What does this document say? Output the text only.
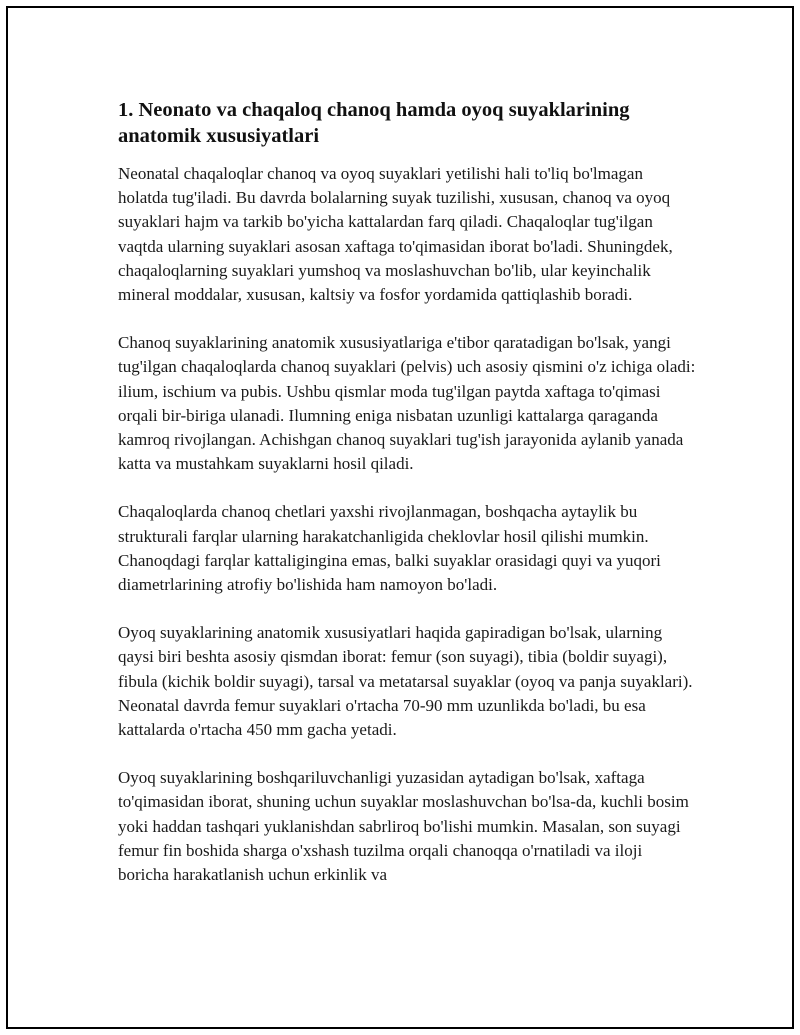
1. Neonato va chaqaloq chanoq hamda oyoq suyaklarining anatomik xususiyatlari

Neonatal chaqaloqlar chanoq va oyoq suyaklari yetilishi hali to'liq bo'lmagan holatda tug'iladi. Bu davrda bolalarning suyak tuzilishi, xususan, chanoq va oyoq suyaklari hajm va tarkib bo'yicha kattalardan farq qiladi. Chaqaloqlar tug'ilgan vaqtda ularning suyaklari asosan xaftaga to'qimasidan iborat bo'ladi. Shuningdek, chaqaloqlarning suyaklari yumshoq va moslashuvchan bo'lib, ular keyinchalik mineral moddalar, xususan, kaltsiy va fosfor yordamida qattiqlashib boradi.

Chanoq suyaklarining anatomik xususiyatlariga e'tibor qaratadigan bo'lsak, yangi tug'ilgan chaqaloqlarda chanoq suyaklari (pelvis) uch asosiy qismini o'z ichiga oladi: ilium, ischium va pubis. Ushbu qismlar moda tug'ilgan paytda xaftaga to'qimasi orqali bir-biriga ulanadi. Ilumning eniga nisbatan uzunligi kattalarga qaraganda kamroq rivojlangan. Achishgan chanoq suyaklari tug'ish jarayonida aylanib yanada katta va mustahkam suyaklarni hosil qiladi.

Chaqaloqlarda chanoq chetlari yaxshi rivojlanmagan, boshqacha aytaylik bu strukturali farqlar ularning harakatchanligida cheklovlar hosil qilishi mumkin. Chanoqdagi farqlar kattaligingina emas, balki suyaklar orasidagi quyi va yuqori diametrlarining atrofiy bo'lishida ham namoyon bo'ladi.

Oyoq suyaklarining anatomik xususiyatlari haqida gapiradigan bo'lsak, ularning qaysi biri beshta asosiy qismdan iborat: femur (son suyagi), tibia (boldir suyagi), fibula (kichik boldir suyagi), tarsal va metatarsal suyaklar (oyoq va panja suyaklari). Neonatal davrda femur suyaklari o'rtacha 70-90 mm uzunlikda bo'ladi, bu esa kattalarda o'rtacha 450 mm gacha yetadi.

Oyoq suyaklarining boshqariluvchanligi yuzasidan aytadigan bo'lsak, xaftaga to'qimasidan iborat, shuning uchun suyaklar moslashuvchan bo'lsa-da, kuchli bosim yoki haddan tashqari yuklanishdan sabrliroq bo'lishi mumkin. Masalan, son suyagi femur fin boshida sharga o'xshash tuzilma orqali chanoqqa o'rnatiladi va iloji boricha harakatlanish uchun erkinlik va
